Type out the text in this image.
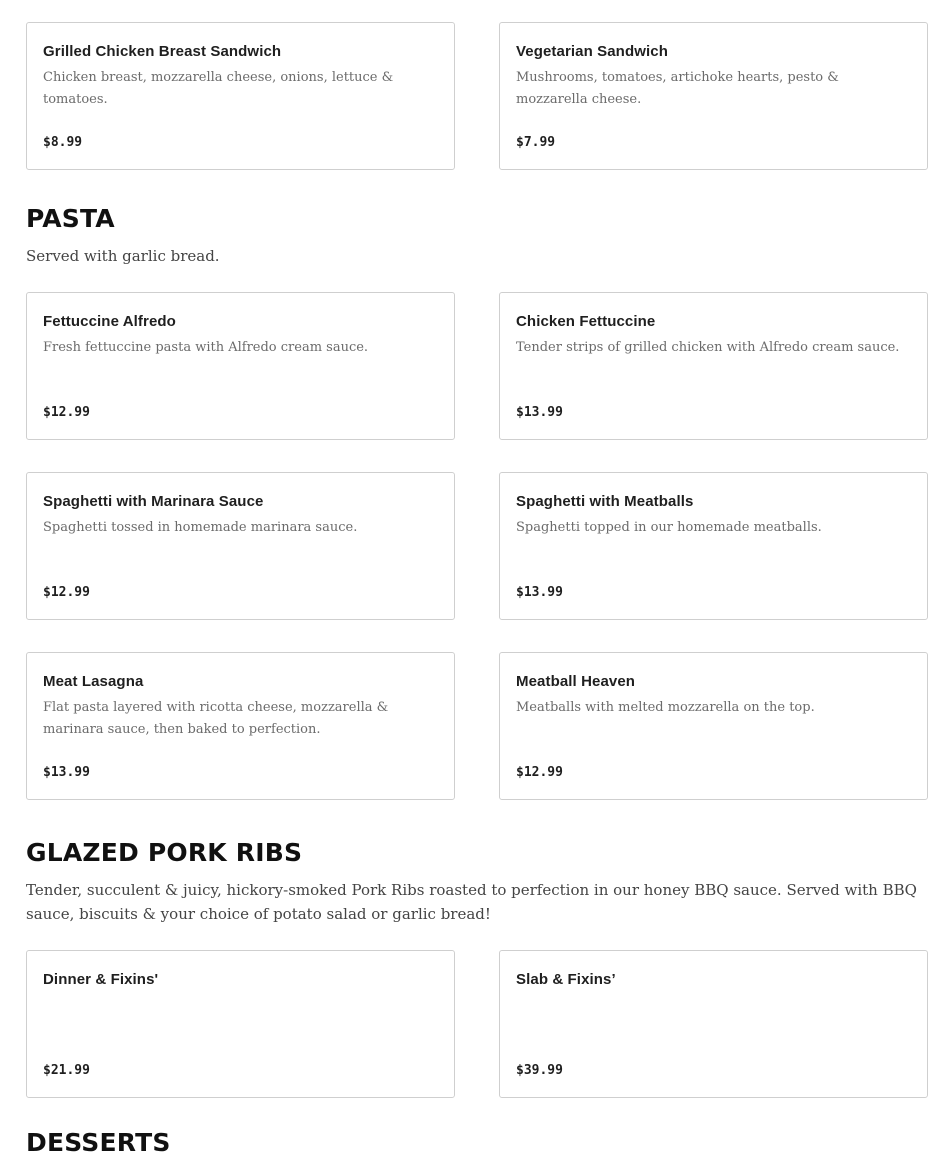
Grilled Chicken Breast Sandwich

Chicken breast, mozzarella cheese, onions, lettuce & tomatoes.

$8.99
Vegetarian Sandwich

Mushrooms, tomatoes, artichoke hearts, pesto & mozzarella cheese.

$7.99
PASTA

Served with garlic bread.

Fettuccine Alfredo

Fresh fettuccine pasta with Alfredo cream sauce.

$12.99
Chicken Fettuccine

Tender strips of grilled chicken with Alfredo cream sauce.

$13.99
Spaghetti with Marinara Sauce

Spaghetti tossed in homemade marinara sauce.

$12.99
Spaghetti with Meatballs

Spaghetti topped in our homemade meatballs.

$13.99
Meat Lasagna

Flat pasta layered with ricotta cheese, mozzarella & marinara sauce, then baked to perfection.

$13.99
Meatball Heaven

Meatballs with melted mozzarella on the top.

$12.99
GLAZED PORK RIBS

Tender, succulent & juicy, hickory-smoked Pork Ribs roasted to perfection in our honey BBQ sauce. Served with BBQ sauce, biscuits & your choice of potato salad or garlic bread!

Dinner & Fixins'

$21.99
Slab & Fixins’

$39.99
DESSERTS
